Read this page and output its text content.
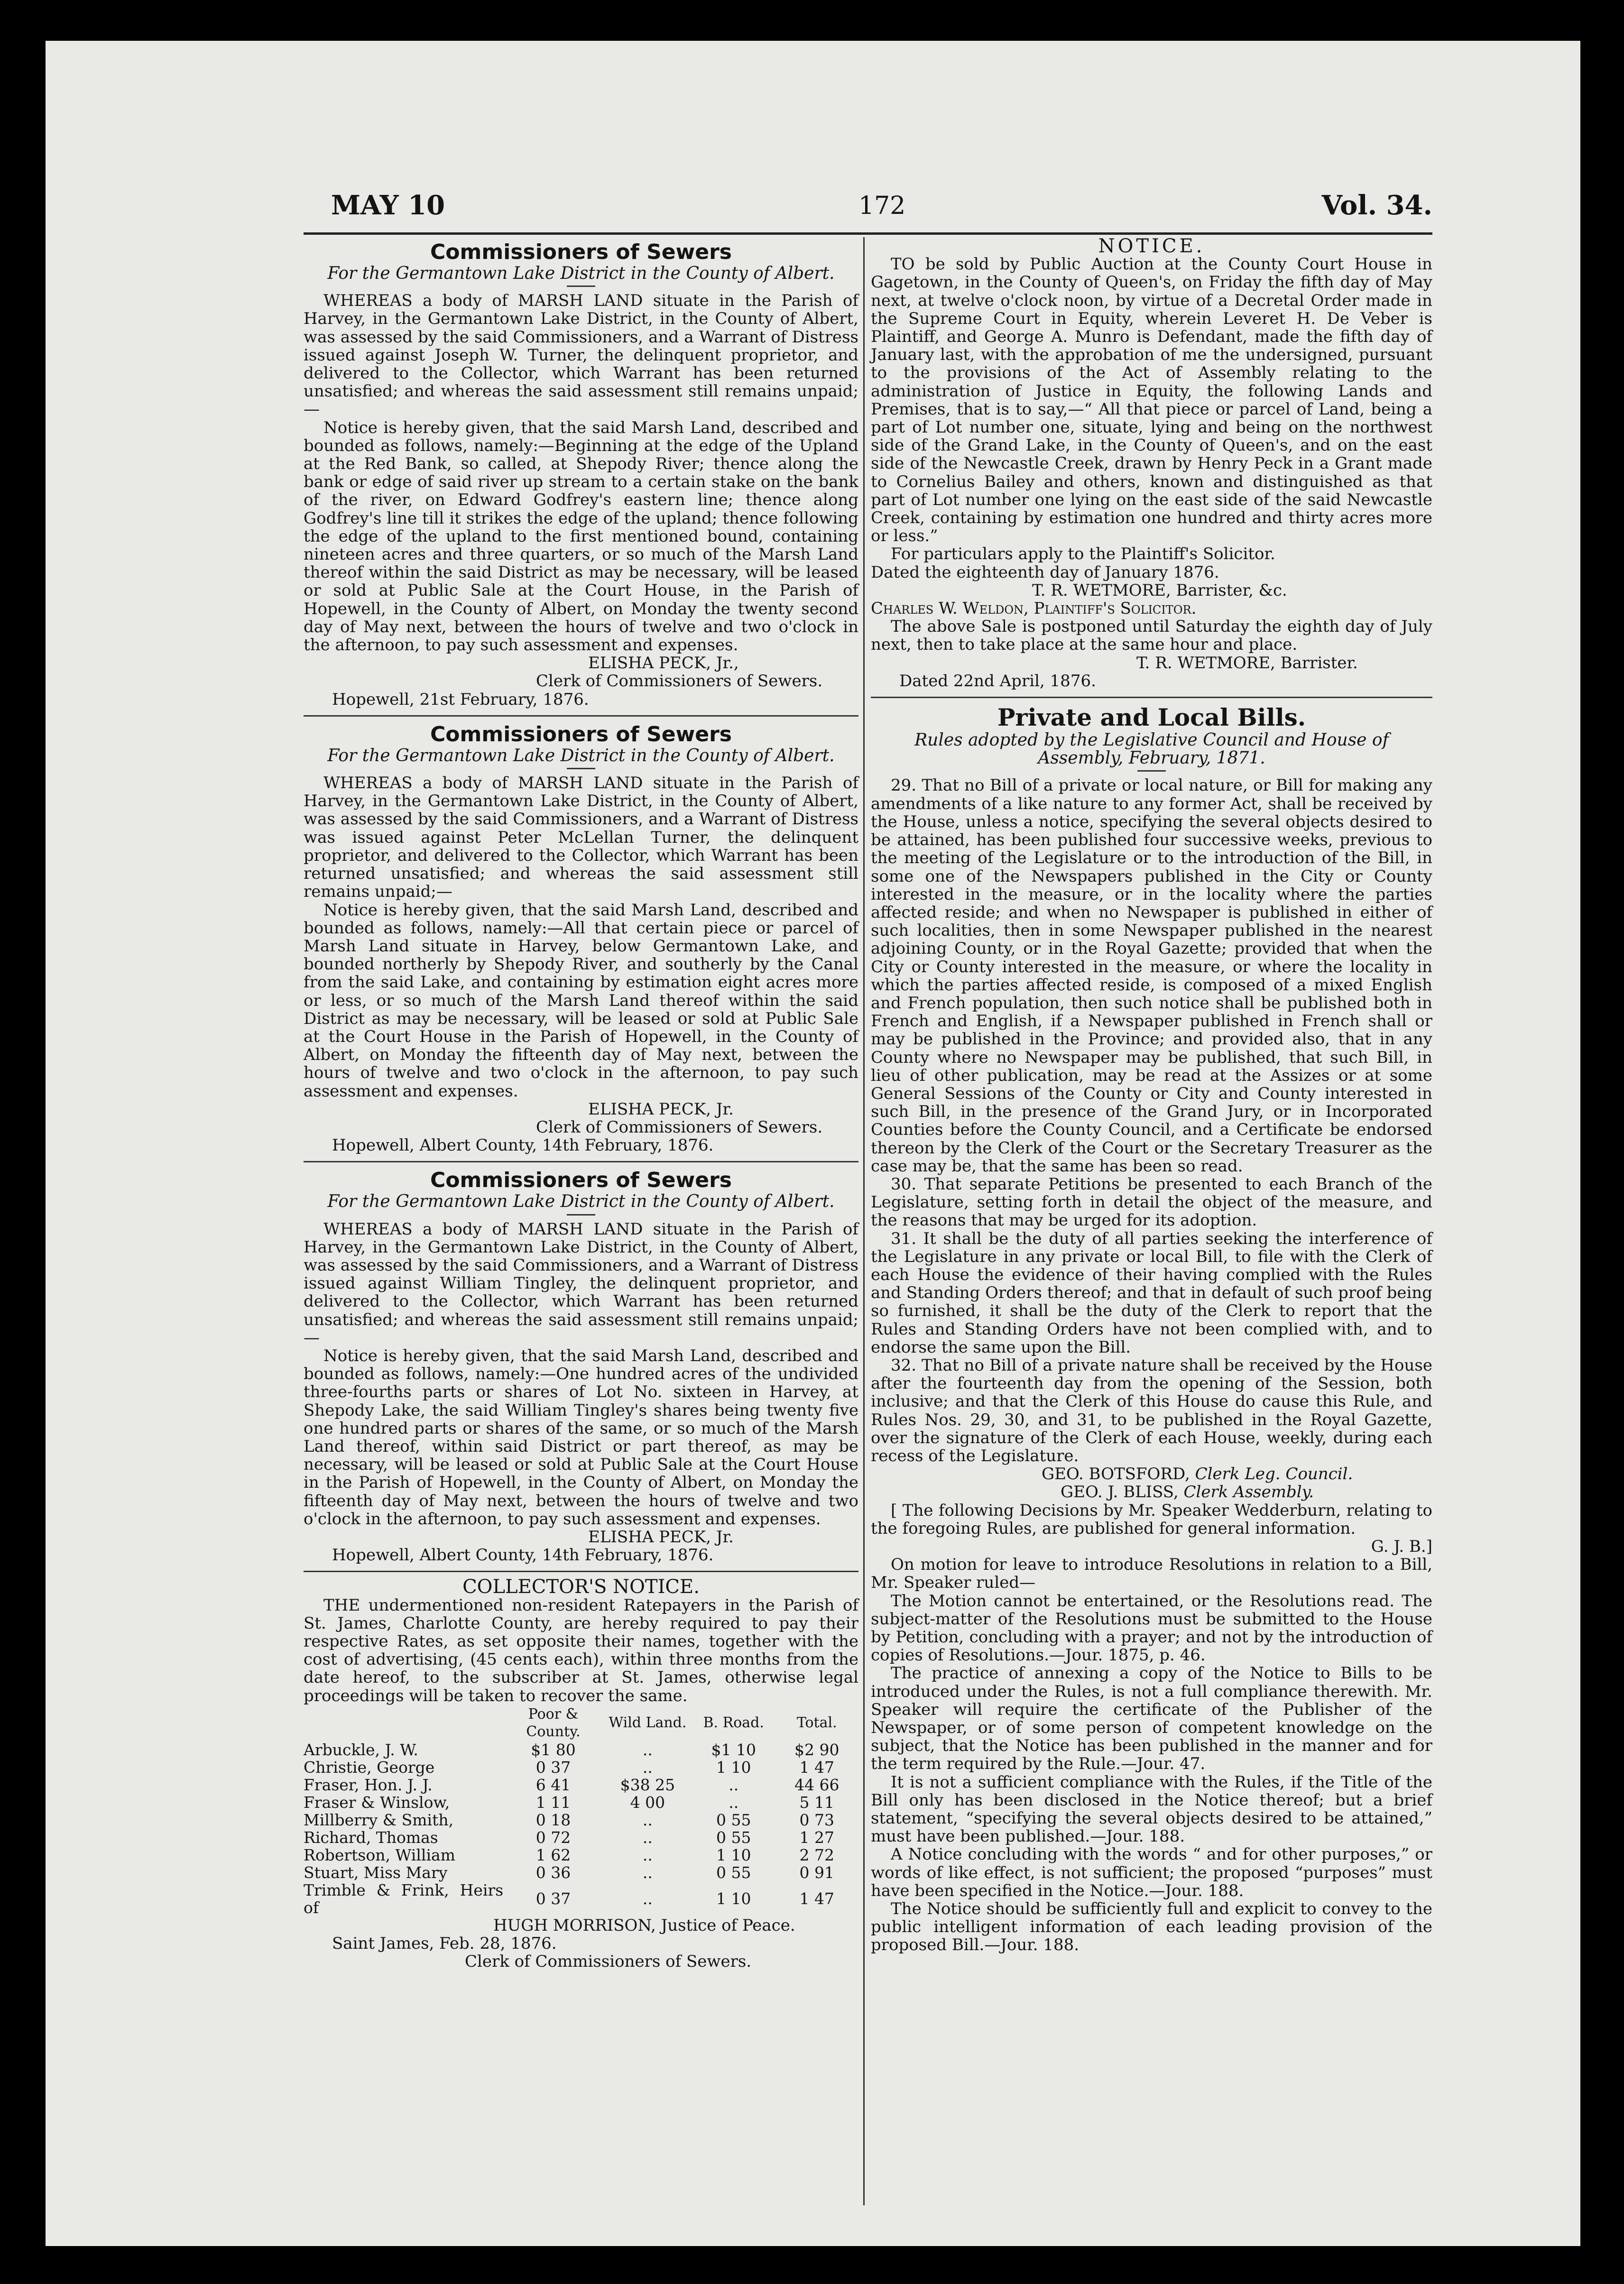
MAY 10	172	Vol. 34.
Commissioners of Sewers
For the Germantown Lake District in the County of Albert.

WHEREAS a body of MARSH LAND situate in the Parish of Harvey, in the Germantown Lake District, in the County of Albert, was assessed by the said Commissioners, and a Warrant of Distress issued against Joseph W. Turner, the delinquent proprietor, and delivered to the Collector, which Warrant has been returned unsatisfied; and whereas the said assessment still remains unpaid;—

Notice is hereby given, that the said Marsh Land, described and bounded as follows, namely:—Beginning at the edge of the Upland at the Red Bank, so called, at Shepody River; thence along the bank or edge of said river up stream to a certain stake on the bank of the river, on Edward Godfrey's eastern line; thence along Godfrey's line till it strikes the edge of the upland; thence following the edge of the upland to the first mentioned bound, containing nineteen acres and three quarters, or so much of the Marsh Land thereof within the said District as may be necessary, will be leased or sold at Public Sale at the Court House, in the Parish of Hopewell, in the County of Albert, on Monday the twenty second day of May next, between the hours of twelve and two o'clock in the afternoon, to pay such assessment and expenses.

ELISHA PECK, Jr.,

Clerk of Commissioners of Sewers.

Hopewell, 21st February, 1876.

Commissioners of Sewers
For the Germantown Lake District in the County of Albert.

WHEREAS a body of MARSH LAND situate in the Parish of Harvey, in the Germantown Lake District, in the County of Albert, was assessed by the said Commissioners, and a Warrant of Distress was issued against Peter McLellan Turner, the delinquent proprietor, and delivered to the Collector, which Warrant has been returned unsatisfied; and whereas the said assessment still remains unpaid;—

Notice is hereby given, that the said Marsh Land, described and bounded as follows, namely:—All that certain piece or parcel of Marsh Land situate in Harvey, below Germantown Lake, and bounded northerly by Shepody River, and southerly by the Canal from the said Lake, and containing by estimation eight acres more or less, or so much of the Marsh Land thereof within the said District as may be necessary, will be leased or sold at Public Sale at the Court House in the Parish of Hopewell, in the County of Albert, on Monday the fifteenth day of May next, between the hours of twelve and two o'clock in the afternoon, to pay such assessment and expenses.

ELISHA PECK, Jr.

Clerk of Commissioners of Sewers.

Hopewell, Albert County, 14th February, 1876.

Commissioners of Sewers
For the Germantown Lake District in the County of Albert.

WHEREAS a body of MARSH LAND situate in the Parish of Harvey, in the Germantown Lake District, in the County of Albert, was assessed by the said Commissioners, and a Warrant of Distress issued against William Tingley, the delinquent proprietor, and delivered to the Collector, which Warrant has been returned unsatisfied; and whereas the said assessment still remains unpaid;—

Notice is hereby given, that the said Marsh Land, described and bounded as follows, namely:—One hundred acres of the undivided three-fourths parts or shares of Lot No. sixteen in Harvey, at Shepody Lake, the said William Tingley's shares being twenty five one hundred parts or shares of the same, or so much of the Marsh Land thereof, within said District or part thereof, as may be necessary, will be leased or sold at Public Sale at the Court House in the Parish of Hopewell, in the County of Albert, on Monday the fifteenth day of May next, between the hours of twelve and two o'clock in the afternoon, to pay such assessment and expenses.

ELISHA PECK, Jr.

Hopewell, Albert County, 14th February, 1876.

COLLECTOR'S NOTICE.

THE undermentioned non-resident Ratepayers in the Parish of St. James, Charlotte County, are hereby required to pay their respective Rates, as set opposite their names, together with the cost of advertising, (45 cents each), within three months from the date hereof, to the subscriber at St. James, otherwise legal proceedings will be taken to recover the same.

	Poor & County.	Wild Land.	B. Road.	Total.
Arbuckle, J. W.	$1 80	..	$1 10	$2 90
Christie, George	0 37	..	1 10	1 47
Fraser, Hon. J. J.	6 41	$38 25	..	44 66
Fraser & Winslow,	1 11	4 00	..	5 11
Millberry & Smith,	0 18	..	0 55	0 73
Richard, Thomas	0 72	..	0 55	1 27
Robertson, William	1 62	..	1 10	2 72
Stuart, Miss Mary	0 36	..	0 55	0 91
Trimble & Frink, Heirs of	0 37	..	1 10	1 47

HUGH MORRISON, Justice of Peace.

Saint James, Feb. 28, 1876.

Clerk of Commissioners of Sewers.

NOTICE.

TO be sold by Public Auction at the County Court House in Gagetown, in the County of Queen's, on Friday the fifth day of May next, at twelve o'clock noon, by virtue of a Decretal Order made in the Supreme Court in Equity, wherein Leveret H. De Veber is Plaintiff, and George A. Munro is Defendant, made the fifth day of January last, with the approbation of me the undersigned, pursuant to the provisions of the Act of Assembly relating to the administration of Justice in Equity, the following Lands and Premises, that is to say,—“ All that piece or parcel of Land, being a part of Lot number one, situate, lying and being on the northwest side of the Grand Lake, in the County of Queen's, and on the east side of the Newcastle Creek, drawn by Henry Peck in a Grant made to Cornelius Bailey and others, known and distinguished as that part of Lot number one lying on the east side of the said Newcastle Creek, containing by estimation one hundred and thirty acres more or less.”

For particulars apply to the Plaintiff's Solicitor.

Dated the eighteenth day of January 1876.

T. R. WETMORE, Barrister, &c.

Charles W. Weldon, Plaintiff's Solicitor.

The above Sale is postponed until Saturday the eighth day of July next, then to take place at the same hour and place.

T. R. WETMORE, Barrister.

Dated 22nd April, 1876.

Private and Local Bills.
Rules adopted by the Legislative Council and House of Assembly, February, 1871.

29. That no Bill of a private or local nature, or Bill for making any amendments of a like nature to any former Act, shall be received by the House, unless a notice, specifying the several objects desired to be attained, has been published four successive weeks, previous to the meeting of the Legislature or to the introduction of the Bill, in some one of the Newspapers published in the City or County interested in the measure, or in the locality where the parties affected reside; and when no Newspaper is published in either of such localities, then in some Newspaper published in the nearest adjoining County, or in the Royal Gazette; provided that when the City or County interested in the measure, or where the locality in which the parties affected reside, is composed of a mixed English and French population, then such notice shall be published both in French and English, if a Newspaper published in French shall or may be published in the Province; and provided also, that in any County where no Newspaper may be published, that such Bill, in lieu of other publication, may be read at the Assizes or at some General Sessions of the County or City and County interested in such Bill, in the presence of the Grand Jury, or in Incorporated Counties before the County Council, and a Certificate be endorsed thereon by the Clerk of the Court or the Secretary Treasurer as the case may be, that the same has been so read.

30. That separate Petitions be presented to each Branch of the Legislature, setting forth in detail the object of the measure, and the reasons that may be urged for its adoption.

31. It shall be the duty of all parties seeking the interference of the Legislature in any private or local Bill, to file with the Clerk of each House the evidence of their having complied with the Rules and Standing Orders thereof; and that in default of such proof being so furnished, it shall be the duty of the Clerk to report that the Rules and Standing Orders have not been complied with, and to endorse the same upon the Bill.

32. That no Bill of a private nature shall be received by the House after the fourteenth day from the opening of the Session, both inclusive; and that the Clerk of this House do cause this Rule, and Rules Nos. 29, 30, and 31, to be published in the Royal Gazette, over the signature of the Clerk of each House, weekly, during each recess of the Legislature.

GEO. BOTSFORD, Clerk Leg. Council.

GEO. J. BLISS, Clerk Assembly.

[ The following Decisions by Mr. Speaker Wedderburn, relating to the foregoing Rules, are published for general information.

G. J. B.]

On motion for leave to introduce Resolutions in relation to a Bill, Mr. Speaker ruled—

The Motion cannot be entertained, or the Resolutions read. The subject-matter of the Resolutions must be submitted to the House by Petition, concluding with a prayer; and not by the introduction of copies of Resolutions.—Jour. 1875, p. 46.

The practice of annexing a copy of the Notice to Bills to be introduced under the Rules, is not a full compliance therewith. Mr. Speaker will require the certificate of the Publisher of the Newspaper, or of some person of competent knowledge on the subject, that the Notice has been published in the manner and for the term required by the Rule.—Jour. 47.

It is not a sufficient compliance with the Rules, if the Title of the Bill only has been disclosed in the Notice thereof; but a brief statement, “specifying the several objects desired to be attained,” must have been published.—Jour. 188.

A Notice concluding with the words “ and for other purposes,” or words of like effect, is not sufficient; the proposed “purposes” must have been specified in the Notice.—Jour. 188.

The Notice should be sufficiently full and explicit to convey to the public intelligent information of each leading provision of the proposed Bill.—Jour. 188.
